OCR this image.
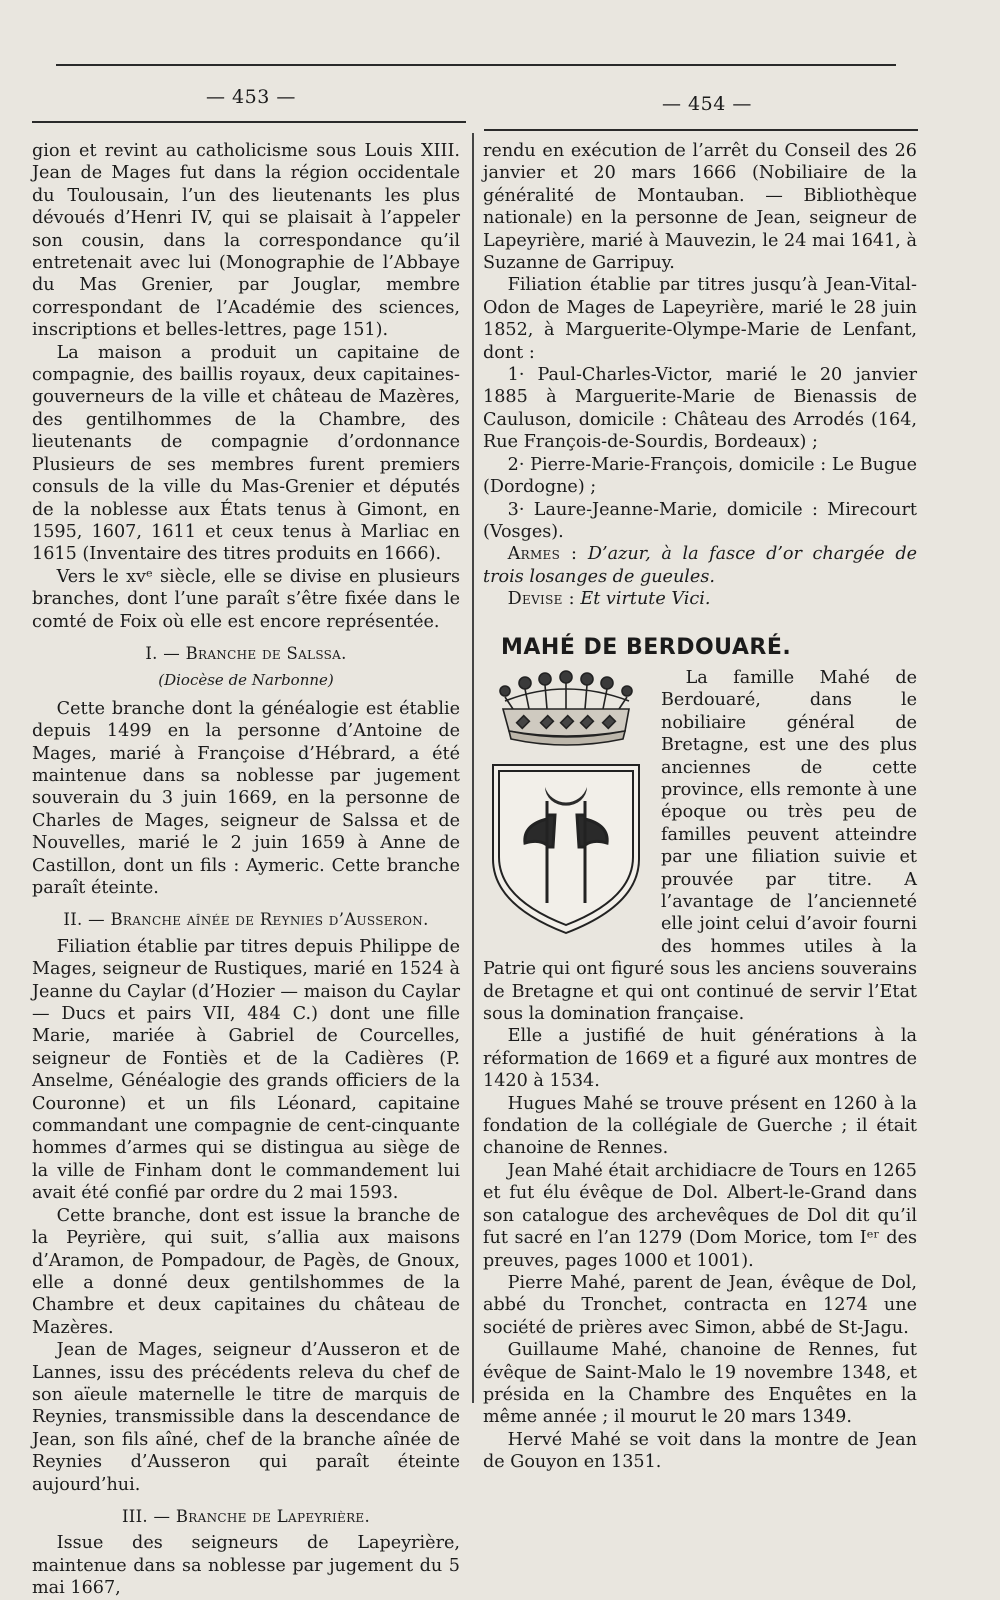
— 453 —	— 454 —

gion et revint au catholicisme sous Louis XIII. Jean de Mages fut dans la région occidentale du Toulousain, l’un des lieutenants les plus dévoués d’Henri IV, qui se plaisait à l’appeler son cousin, dans la correspondance qu’il entretenait avec lui (Monographie de l’Abbaye du Mas Grenier, par Jouglar, membre correspondant de l’Académie des sciences, inscriptions et belles-lettres, page 151).

La maison a produit un capitaine de compagnie, des baillis royaux, deux capitaines-gouverneurs de la ville et château de Mazères, des gentilhommes de la Chambre, des lieutenants de compagnie d’ordonnance Plusieurs de ses membres furent premiers consuls de la ville du Mas-Grenier et députés de la noblesse aux États tenus à Gimont, en 1595, 1607, 1611 et ceux tenus à Marliac en 1615 (Inventaire des titres produits en 1666).

Vers le xvᵉ siècle, elle se divise en plusieurs branches, dont l’une paraît s’être fixée dans le comté de Foix où elle est encore représentée.

I. — Branche de Salssa.

(Diocèse de Narbonne)

Cette branche dont la généalogie est établie depuis 1499 en la personne d’Antoine de Mages, marié à Françoise d’Hébrard, a été maintenue dans sa noblesse par jugement souverain du 3 juin 1669, en la personne de Charles de Mages, seigneur de Salssa et de Nouvelles, marié le 2 juin 1659 à Anne de Castillon, dont un fils : Aymeric. Cette branche paraît éteinte.

II. — Branche aînée de Reynies d’Ausseron.

Filiation établie par titres depuis Philippe de Mages, seigneur de Rustiques, marié en 1524 à Jeanne du Caylar (d’Hozier — maison du Caylar — Ducs et pairs VII, 484 C.) dont une fille Marie, mariée à Gabriel de Courcelles, seigneur de Fontiès et de la Cadières (P. Anselme, Généalogie des grands officiers de la Couronne) et un fils Léonard, capitaine commandant une compagnie de cent-cinquante hommes d’armes qui se distingua au siège de la ville de Finham dont le commandement lui avait été confié par ordre du 2 mai 1593.

Cette branche, dont est issue la branche de la Peyrière, qui suit, s’allia aux maisons d’Aramon, de Pompadour, de Pagès, de Gnoux, elle a donné deux gentilshommes de la Chambre et deux capitaines du château de Mazères.

Jean de Mages, seigneur d’Ausseron et de Lannes, issu des précédents releva du chef de son aïeule maternelle le titre de marquis de Reynies, transmissible dans la descendance de Jean, son fils aîné, chef de la branche aînée de Reynies d’Ausseron qui paraît éteinte aujourd’hui.

III. — Branche de Lapeyrière.

Issue des seigneurs de Lapeyrière, maintenue dans sa noblesse par jugement du 5 mai 1667,

rendu en exécution de l’arrêt du Conseil des 26 janvier et 20 mars 1666 (Nobiliaire de la généralité de Montauban. — Bibliothèque nationale) en la personne de Jean, seigneur de Lapeyrière, marié à Mauvezin, le 24 mai 1641, à Suzanne de Garripuy.

Filiation établie par titres jusqu’à Jean-Vital-Odon de Mages de Lapeyrière, marié le 28 juin 1852, à Marguerite-Olympe-Marie de Lenfant, dont :

1· Paul-Charles-Victor, marié le 20 janvier 1885 à Marguerite-Marie de Bienassis de Cauluson, domicile : Château des Arrodés (164, Rue François-de-Sourdis, Bordeaux) ;

2· Pierre-Marie-François, domicile : Le Bugue (Dordogne) ;

3· Laure-Jeanne-Marie, domicile : Mirecourt (Vosges).

Armes : D’azur, à la fasce d’or chargée de trois losanges de gueules.

Devise : Et virtute Vici.

MAHÉ DE BERDOUARÉ.

La famille Mahé de Berdouaré, dans le nobiliaire général de Bretagne, est une des plus anciennes de cette province, ells remonte à une époque ou très peu de familles peuvent atteindre par une filiation suivie et prouvée par titre. A l’avantage de l’ancienneté elle joint celui d’avoir fourni des hommes utiles à la Patrie qui ont figuré sous les anciens souverains de Bretagne et qui ont continué de servir l’Etat sous la domination française.

Elle a justifié de huit générations à la réformation de 1669 et a figuré aux montres de 1420 à 1534.

Hugues Mahé se trouve présent en 1260 à la fondation de la collégiale de Guerche ; il était chanoine de Rennes.

Jean Mahé était archidiacre de Tours en 1265 et fut élu évêque de Dol. Albert-le-Grand dans son catalogue des archevêques de Dol dit qu’il fut sacré en l’an 1279 (Dom Morice, tom Iᵉʳ des preuves, pages 1000 et 1001).

Pierre Mahé, parent de Jean, évêque de Dol, abbé du Tronchet, contracta en 1274 une société de prières avec Simon, abbé de St-Jagu.

Guillaume Mahé, chanoine de Rennes, fut évêque de Saint-Malo le 19 novembre 1348, et présida en la Chambre des Enquêtes en la même année ; il mourut le 20 mars 1349.

Hervé Mahé se voit dans la montre de Jean de Gouyon en 1351.
